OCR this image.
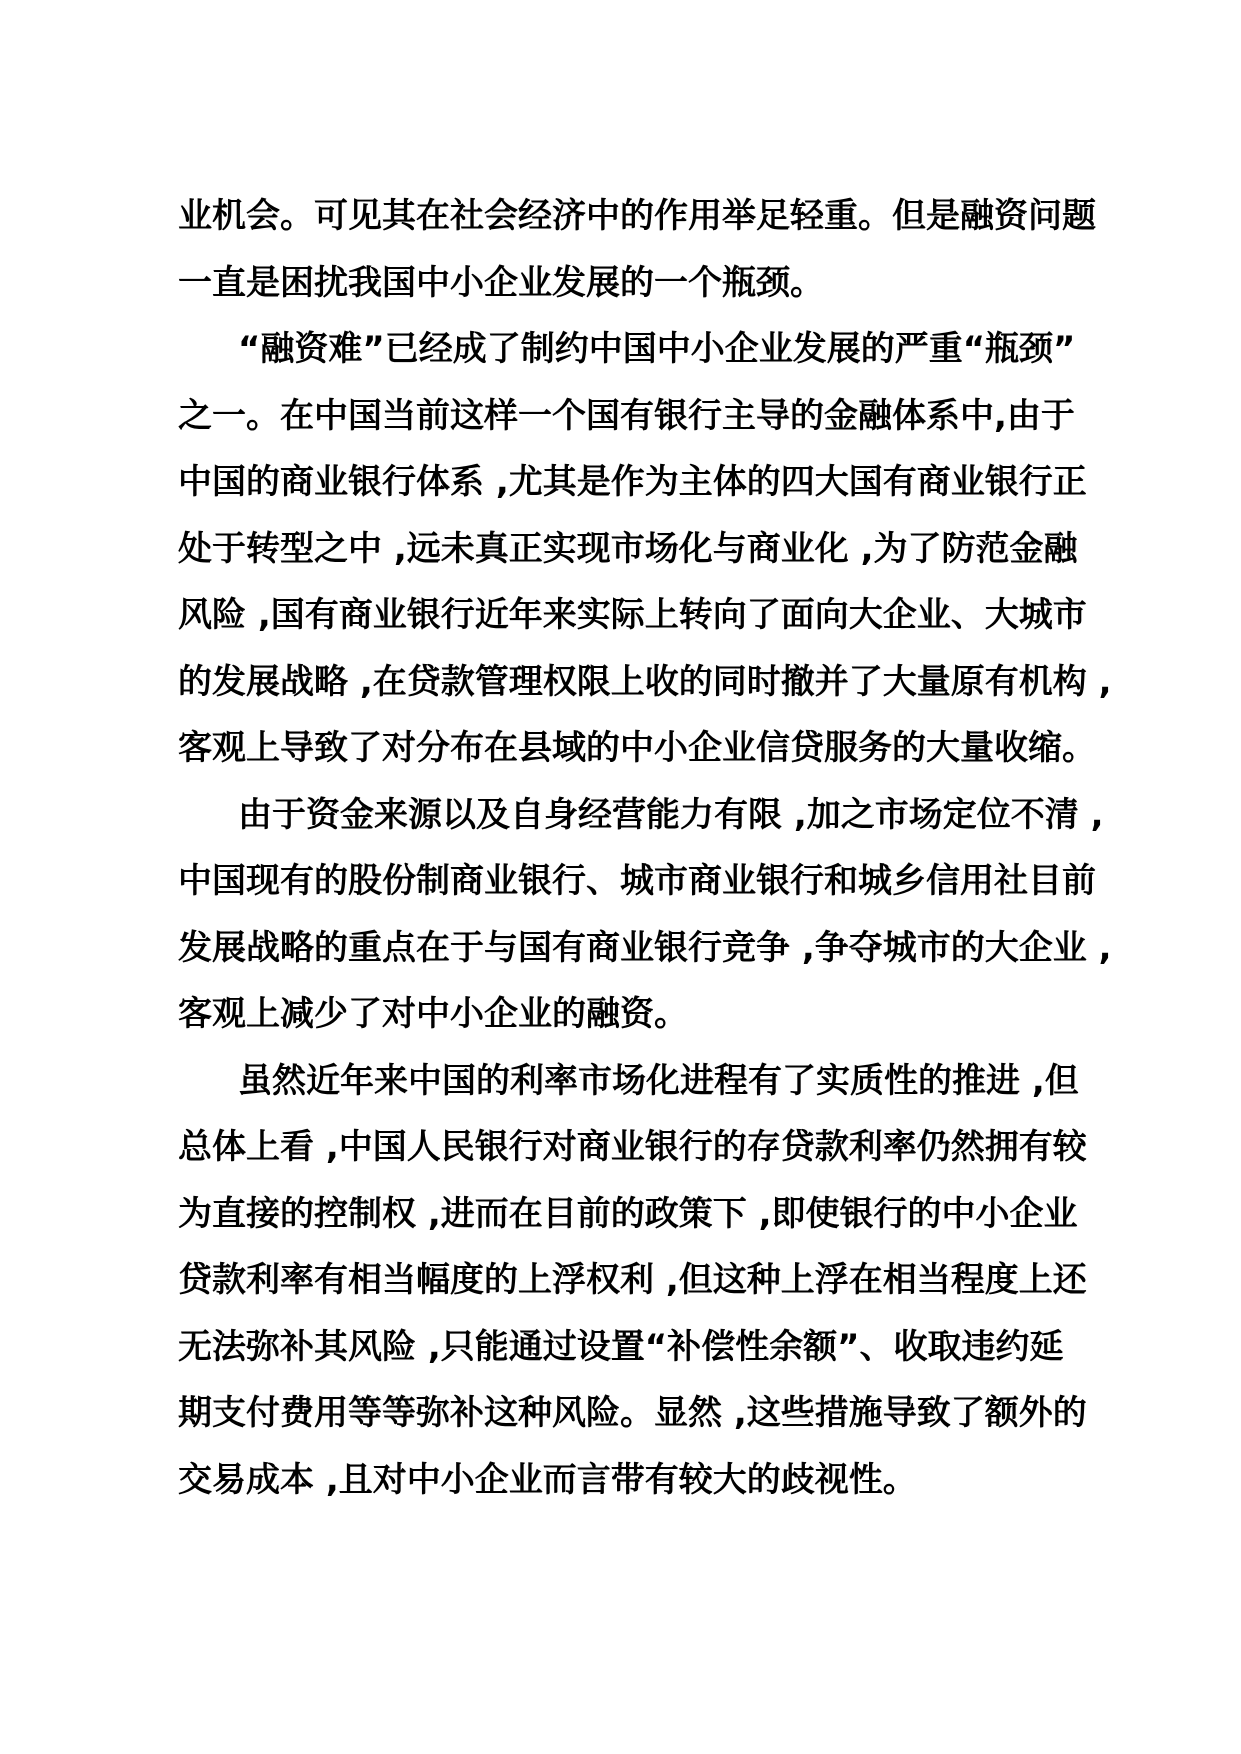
业机会。可见其在社会经济中的作用举足轻重。但是融资问题
一直是困扰我国中小企业发展的一个瓶颈。
“融资难”已经成了制约中国中小企业发展的严重“瓶颈”
之一。在中国当前这样一个国有银行主导的金融体系中,由于
中国的商业银行体系 ,尤其是作为主体的四大国有商业银行正
处于转型之中 ,远未真正实现市场化与商业化 ,为了防范金融
风险 ,国有商业银行近年来实际上转向了面向大企业、大城市
的发展战略 ,在贷款管理权限上收的同时撤并了大量原有机构 ,
客观上导致了对分布在县域的中小企业信贷服务的大量收缩。
由于资金来源以及自身经营能力有限 ,加之市场定位不清 ,
中国现有的股份制商业银行、城市商业银行和城乡信用社目前
发展战略的重点在于与国有商业银行竞争 ,争夺城市的大企业 ,
客观上减少了对中小企业的融资。
虽然近年来中国的利率市场化进程有了实质性的推进 ,但
总体上看 ,中国人民银行对商业银行的存贷款利率仍然拥有较
为直接的控制权 ,进而在目前的政策下 ,即使银行的中小企业
贷款利率有相当幅度的上浮权利 ,但这种上浮在相当程度上还
无法弥补其风险 ,只能通过设置“补偿性余额”、收取违约延
期支付费用等等弥补这种风险。显然 ,这些措施导致了额外的
交易成本 ,且对中小企业而言带有较大的歧视性。
